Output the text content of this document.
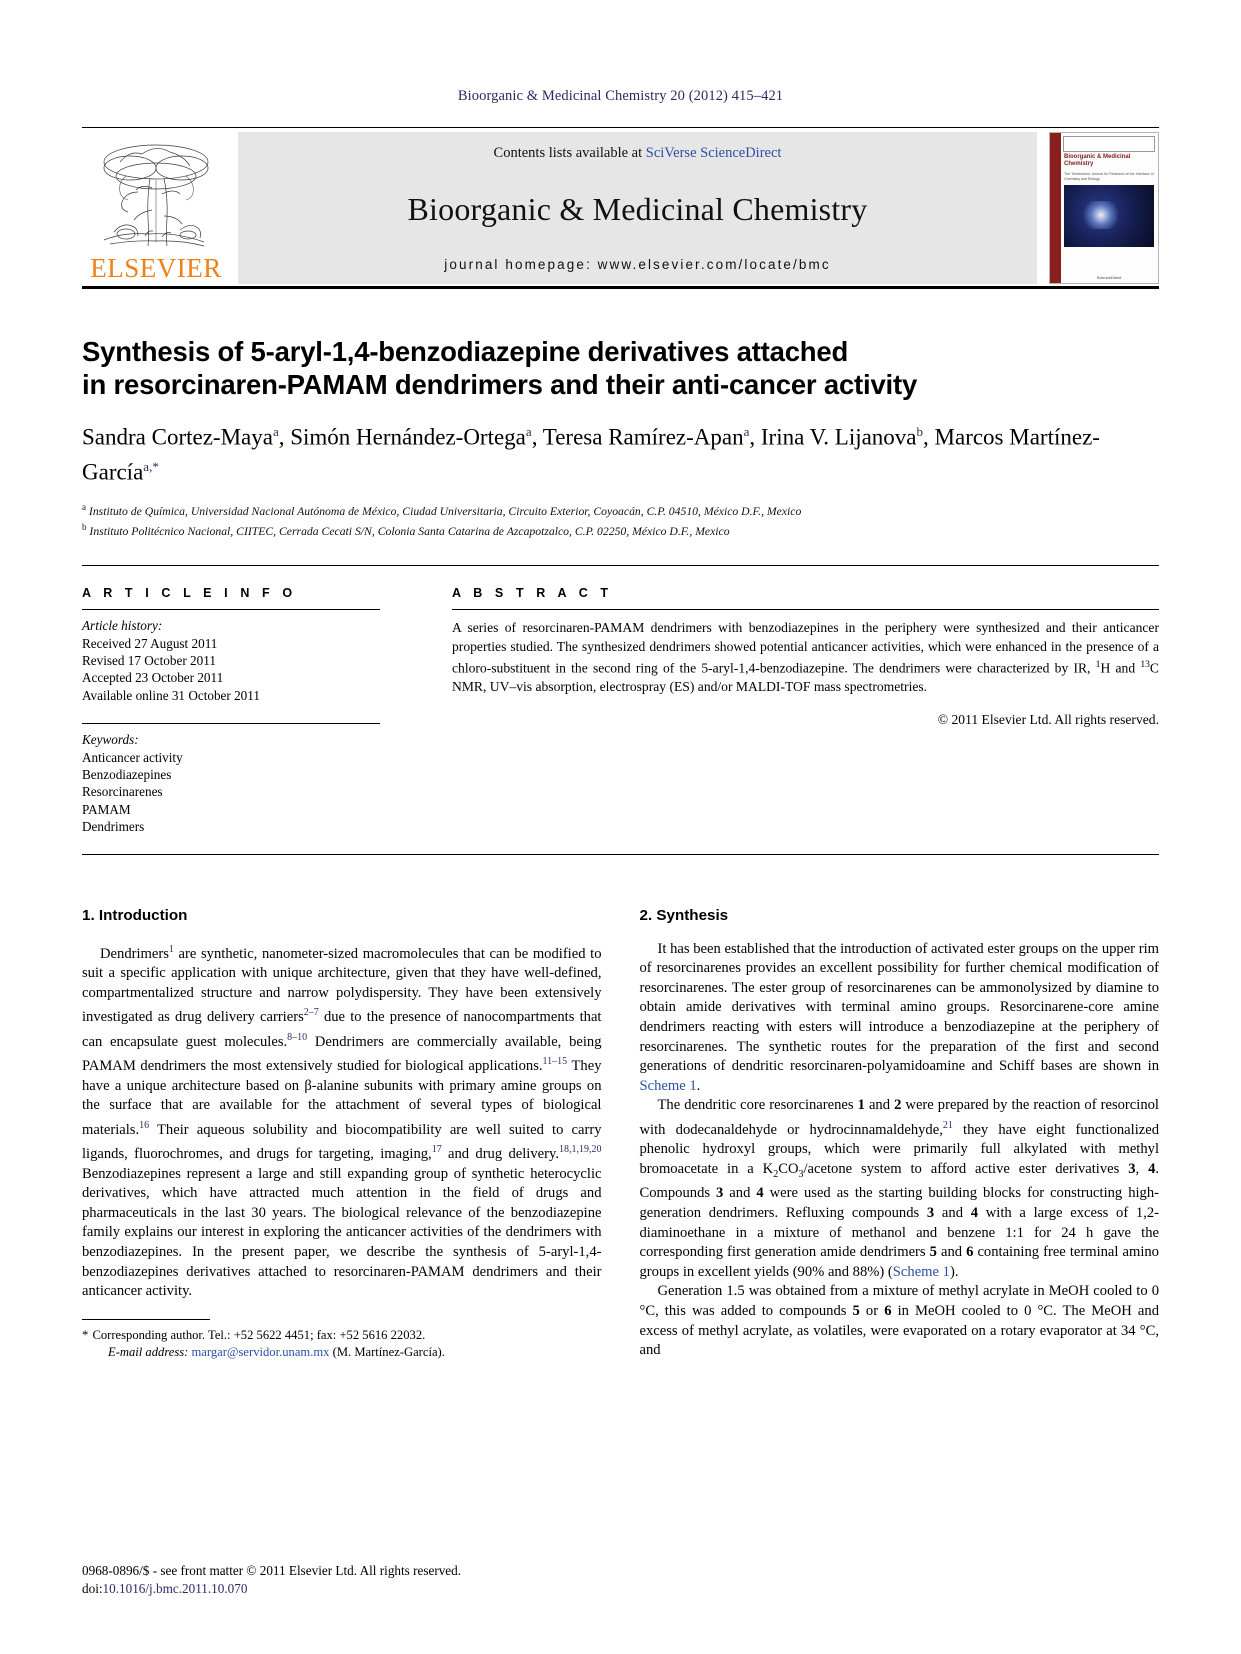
Bioorganic & Medicinal Chemistry 20 (2012) 415–421
ELSEVIER
Contents lists available at SciVerse ScienceDirect
Bioorganic & Medicinal Chemistry
journal homepage: www.elsevier.com/locate/bmc
Bioorganic & Medicinal Chemistry
The Tetrahedron Journal for Research at the Interface of Chemistry and Biology
ScienceDirect
Synthesis of 5-aryl-1,4-benzodiazepine derivatives attached
in resorcinaren-PAMAM dendrimers and their anti-cancer activity
Sandra Cortez-Maya$^a$, Simón Hernández-Ortega$^a$, Teresa Ramírez-Apan$^a$, Irina V. Lijanova$^b$, Marcos Martínez-García$^{a,*}$
$^a$ Instituto de Química, Universidad Nacional Autónoma de México, Ciudad Universitaria, Circuito Exterior, Coyoacán, C.P. 04510, México D.F., Mexico
$^b$ Instituto Politécnico Nacional, CIITEC, Cerrada Cecati S/N, Colonia Santa Catarina de Azcapotzalco, C.P. 02250, México D.F., Mexico
A R T I C L E I N F O
Article history:
Received 27 August 2011
Revised 17 October 2011
Accepted 23 October 2011
Available online 31 October 2011
Keywords:
Anticancer activity
Benzodiazepines
Resorcinarenes
PAMAM
Dendrimers
A B S T R A C T
A series of resorcinaren-PAMAM dendrimers with benzodiazepines in the periphery were synthesized and their anticancer properties studied. The synthesized dendrimers showed potential anticancer activities, which were enhanced in the presence of a chloro-substituent in the second ring of the 5-aryl-1,4-benzodiazepine. The dendrimers were characterized by IR, $^1$H and $^{13}$C NMR, UV–vis absorption, electrospray (ES) and/or MALDI-TOF mass spectrometries.
© 2011 Elsevier Ltd. All rights reserved.
1. Introduction

Dendrimers$^1$ are synthetic, nanometer-sized macromolecules that can be modified to suit a specific application with unique architecture, given that they have well-defined, compartmentalized structure and narrow polydispersity. They have been extensively investigated as drug delivery carriers$^{2-7}$ due to the presence of nanocompartments that can encapsulate guest molecules.$^{8-10}$ Dendrimers are commercially available, being PAMAM dendrimers the most extensively studied for biological applications.$^{11-15}$ They have a unique architecture based on β-alanine subunits with primary amine groups on the surface that are available for the attachment of several types of biological materials.$^{16}$ Their aqueous solubility and biocompatibility are well suited to carry ligands, fluorochromes, and drugs for targeting, imaging,$^{17}$ and drug delivery.$^{18,1,19,20}$ Benzodiazepines represent a large and still expanding group of synthetic heterocyclic derivatives, which have attracted much attention in the field of drugs and pharmaceuticals in the last 30 years. The biological relevance of the benzodiazepine family explains our interest in exploring the anticancer activities of the dendrimers with benzodiazepines. In the present paper, we describe the synthesis of 5-aryl-1,4-benzodiazepines derivatives attached to resorcinaren-PAMAM dendrimers and their anticancer activity.

* Corresponding author. Tel.: +52 5622 4451; fax: +52 5616 22032.
E-mail address: margar@servidor.unam.mx (M. Martínez-García).
2. Synthesis

It has been established that the introduction of activated ester groups on the upper rim of resorcinarenes provides an excellent possibility for further chemical modification of resorcinarenes. The ester group of resorcinarenes can be ammonolysized by diamine to obtain amide derivatives with terminal amino groups. Resorcinarene-core amine dendrimers reacting with esters will introduce a benzodiazepine at the periphery of resorcinarenes. The synthetic routes for the preparation of the first and second generations of dendritic resorcinaren-polyamidoamine and Schiff bases are shown in Scheme 1.

The dendritic core resorcinarenes 1 and 2 were prepared by the reaction of resorcinol with dodecanaldehyde or hydrocinnamaldehyde,$^{21}$ they have eight functionalized phenolic hydroxyl groups, which were primarily full alkylated with methyl bromoacetate in a $K_2CO_3$/acetone system to afford active ester derivatives 3, 4. Compounds 3 and 4 were used as the starting building blocks for constructing high-generation dendrimers. Refluxing compounds 3 and 4 with a large excess of 1,2-diaminoethane in a mixture of methanol and benzene 1:1 for 24 h gave the corresponding first generation amide dendrimers 5 and 6 containing free terminal amino groups in excellent yields (90% and 88%) (Scheme 1).

Generation 1.5 was obtained from a mixture of methyl acrylate in MeOH cooled to 0 °C, this was added to compounds 5 or 6 in MeOH cooled to 0 °C. The MeOH and excess of methyl acrylate, as volatiles, were evaporated on a rotary evaporator at 34 °C, and

0968-0896/$ - see front matter © 2011 Elsevier Ltd. All rights reserved.
doi:10.1016/j.bmc.2011.10.070
